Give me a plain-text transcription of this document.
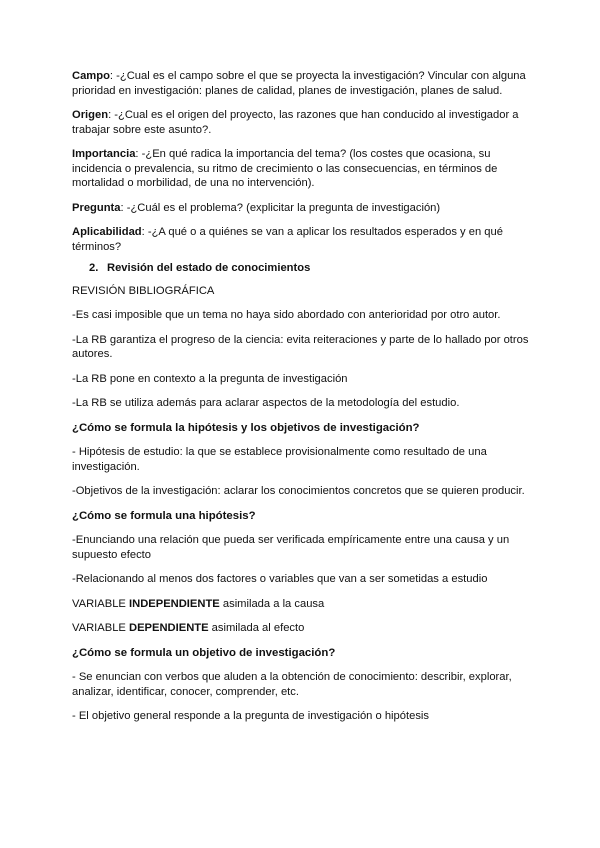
Campo: -¿Cual es el campo sobre el que se proyecta la investigación? Vincular con alguna prioridad en investigación: planes de calidad, planes de investigación, planes de salud.

Origen: -¿Cual es el origen del proyecto, las razones que han conducido al investigador a trabajar sobre este asunto?.

Importancia: -¿En qué radica la importancia del tema? (los costes que ocasiona, su incidencia o prevalencia, su ritmo de crecimiento o las consecuencias, en términos de mortalidad o morbilidad, de una no intervención).

Pregunta: -¿Cuál es el problema? (explicitar la pregunta de investigación)

Aplicabilidad: -¿A qué o a quiénes se van a aplicar los resultados esperados y en qué términos?

2. Revisión del estado de conocimientos

REVISIÓN BIBLIOGRÁFICA

-Es casi imposible que un tema no haya sido abordado con anterioridad por otro autor.

-La RB garantiza el progreso de la ciencia: evita reiteraciones y parte de lo hallado por otros autores.

-La RB pone en contexto a la pregunta de investigación

-La RB se utiliza además para aclarar aspectos de la metodología del estudio.

¿Cómo se formula la hipótesis y los objetivos de investigación?

- Hipótesis de estudio: la que se establece provisionalmente como resultado de una investigación.

-Objetivos de la investigación: aclarar los conocimientos concretos que se quieren producir.

¿Cómo se formula una hipótesis?

-Enunciando una relación que pueda ser verificada empíricamente entre una causa y un supuesto efecto

-Relacionando al menos dos factores o variables que van a ser sometidas a estudio

VARIABLE INDEPENDIENTE asimilada a la causa

VARIABLE DEPENDIENTE asimilada al efecto

¿Cómo se formula un objetivo de investigación?

- Se enuncian con verbos que aluden a la obtención de conocimiento: describir, explorar, analizar, identificar, conocer, comprender, etc.

- El objetivo general responde a la pregunta de investigación o hipótesis
